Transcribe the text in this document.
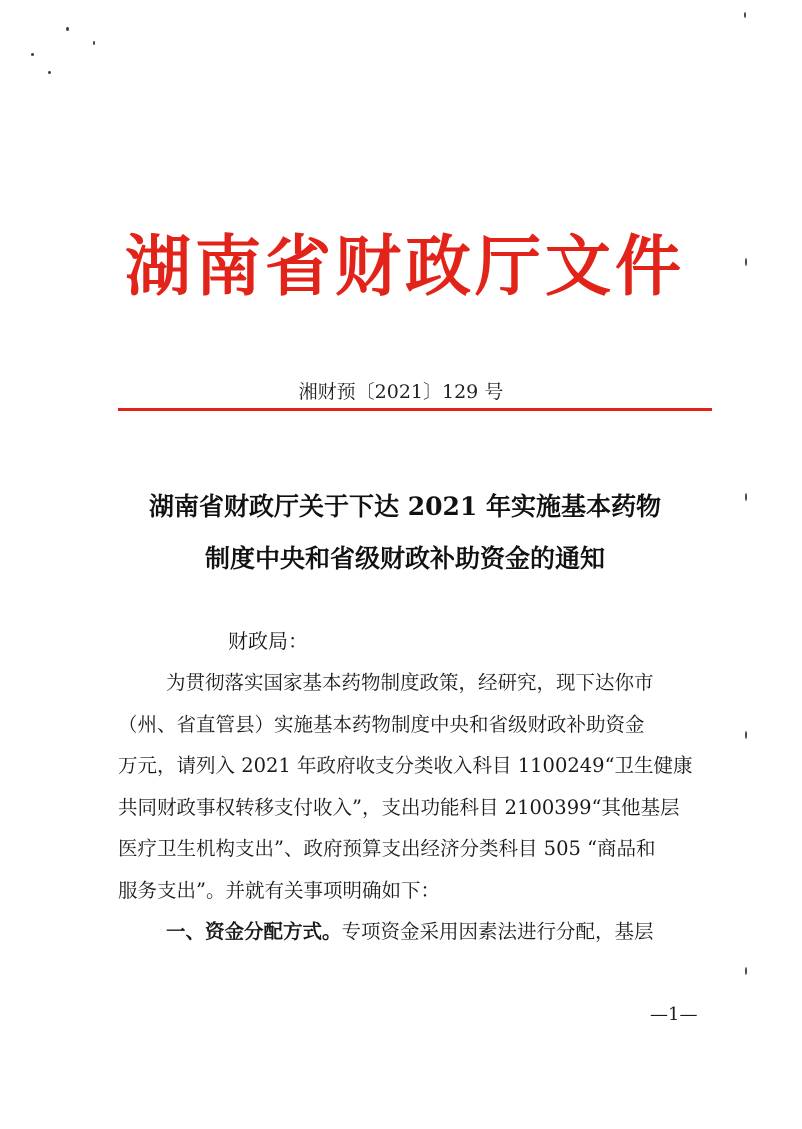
湖南省财政厅文件
湘财预〔2021〕129 号
湖南省财政厅关于下达 2021 年实施基本药物
制度中央和省级财政补助资金的通知
财政局：
为贯彻落实国家基本药物制度政策，经研究，现下达你市
（州、省直管县）实施基本药物制度中央和省级财政补助资金
万元，请列入 2021 年政府收支分类收入科目 1100249“卫生健康
共同财政事权转移支付收入”，支出功能科目 2100399“其他基层
医疗卫生机构支出”、政府预算支出经济分类科目 505 “商品和
服务支出”。并就有关事项明确如下：
一、资金分配方式。专项资金采用因素法进行分配，基层
—1—
